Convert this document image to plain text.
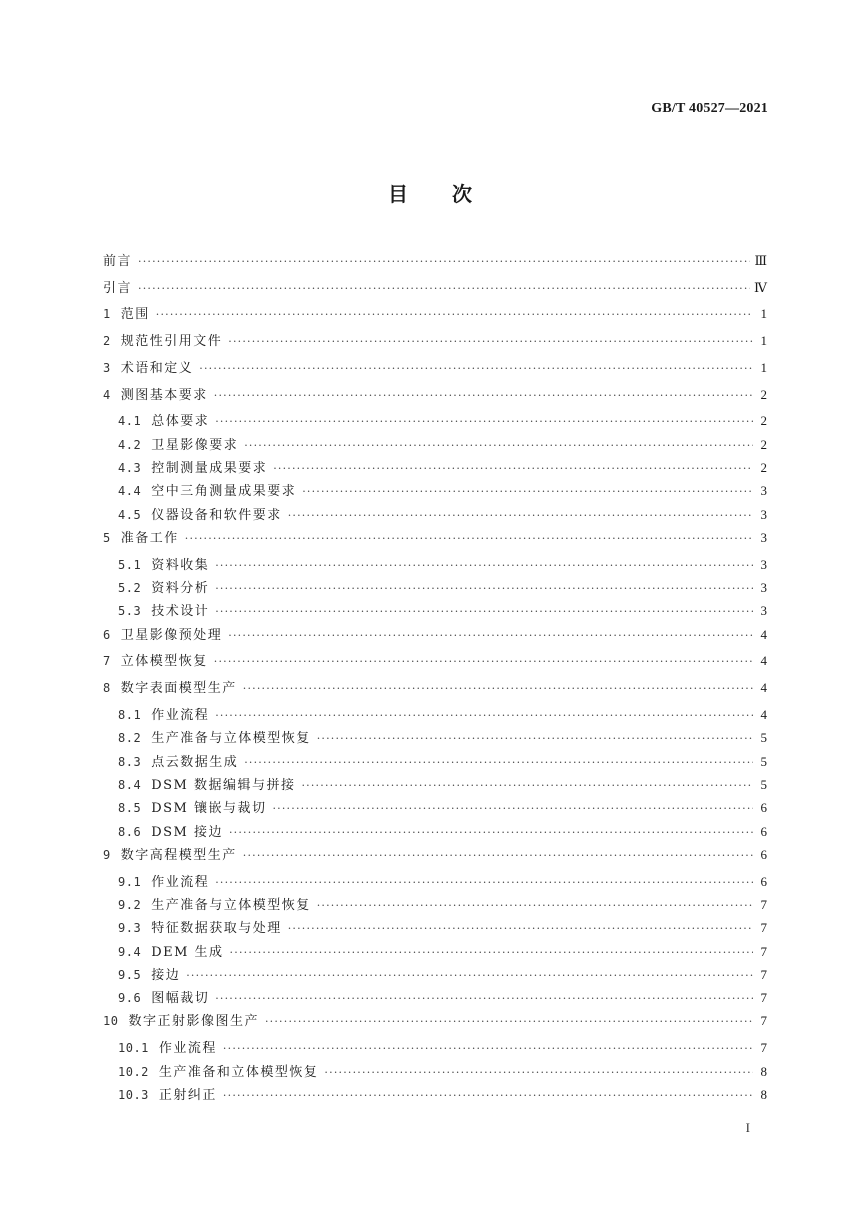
GB/T 40527—2021
目次
前言 ·····	Ⅲ
引言 ·····	Ⅳ
1 范围 ·····	1
2 规范性引用文件 ·····	1
3 术语和定义 ·····	1
4 测图基本要求 ·····	2
4.1 总体要求 ·····	2
4.2 卫星影像要求 ·····	2
4.3 控制测量成果要求 ·····	2
4.4 空中三角测量成果要求 ·····	3
4.5 仪器设备和软件要求 ·····	3
5 准备工作 ·····	3
5.1 资料收集 ·····	3
5.2 资料分析 ·····	3
5.3 技术设计 ·····	3
6 卫星影像预处理 ·····	4
7 立体模型恢复 ·····	4
8 数字表面模型生产 ·····	4
8.1 作业流程 ·····	4
8.2 生产准备与立体模型恢复 ·····	5
8.3 点云数据生成 ·····	5
8.4 DSM 数据编辑与拼接 ·····	5
8.5 DSM 镶嵌与裁切 ·····	6
8.6 DSM 接边 ·····	6
9 数字高程模型生产 ·····	6
9.1 作业流程 ·····	6
9.2 生产准备与立体模型恢复 ·····	7
9.3 特征数据获取与处理 ·····	7
9.4 DEM 生成 ·····	7
9.5 接边 ·····	7
9.6 图幅裁切 ·····	7
10 数字正射影像图生产 ·····	7
10.1 作业流程 ·····	7
10.2 生产准备和立体模型恢复 ·····	8
10.3 正射纠正 ·····	8
I
